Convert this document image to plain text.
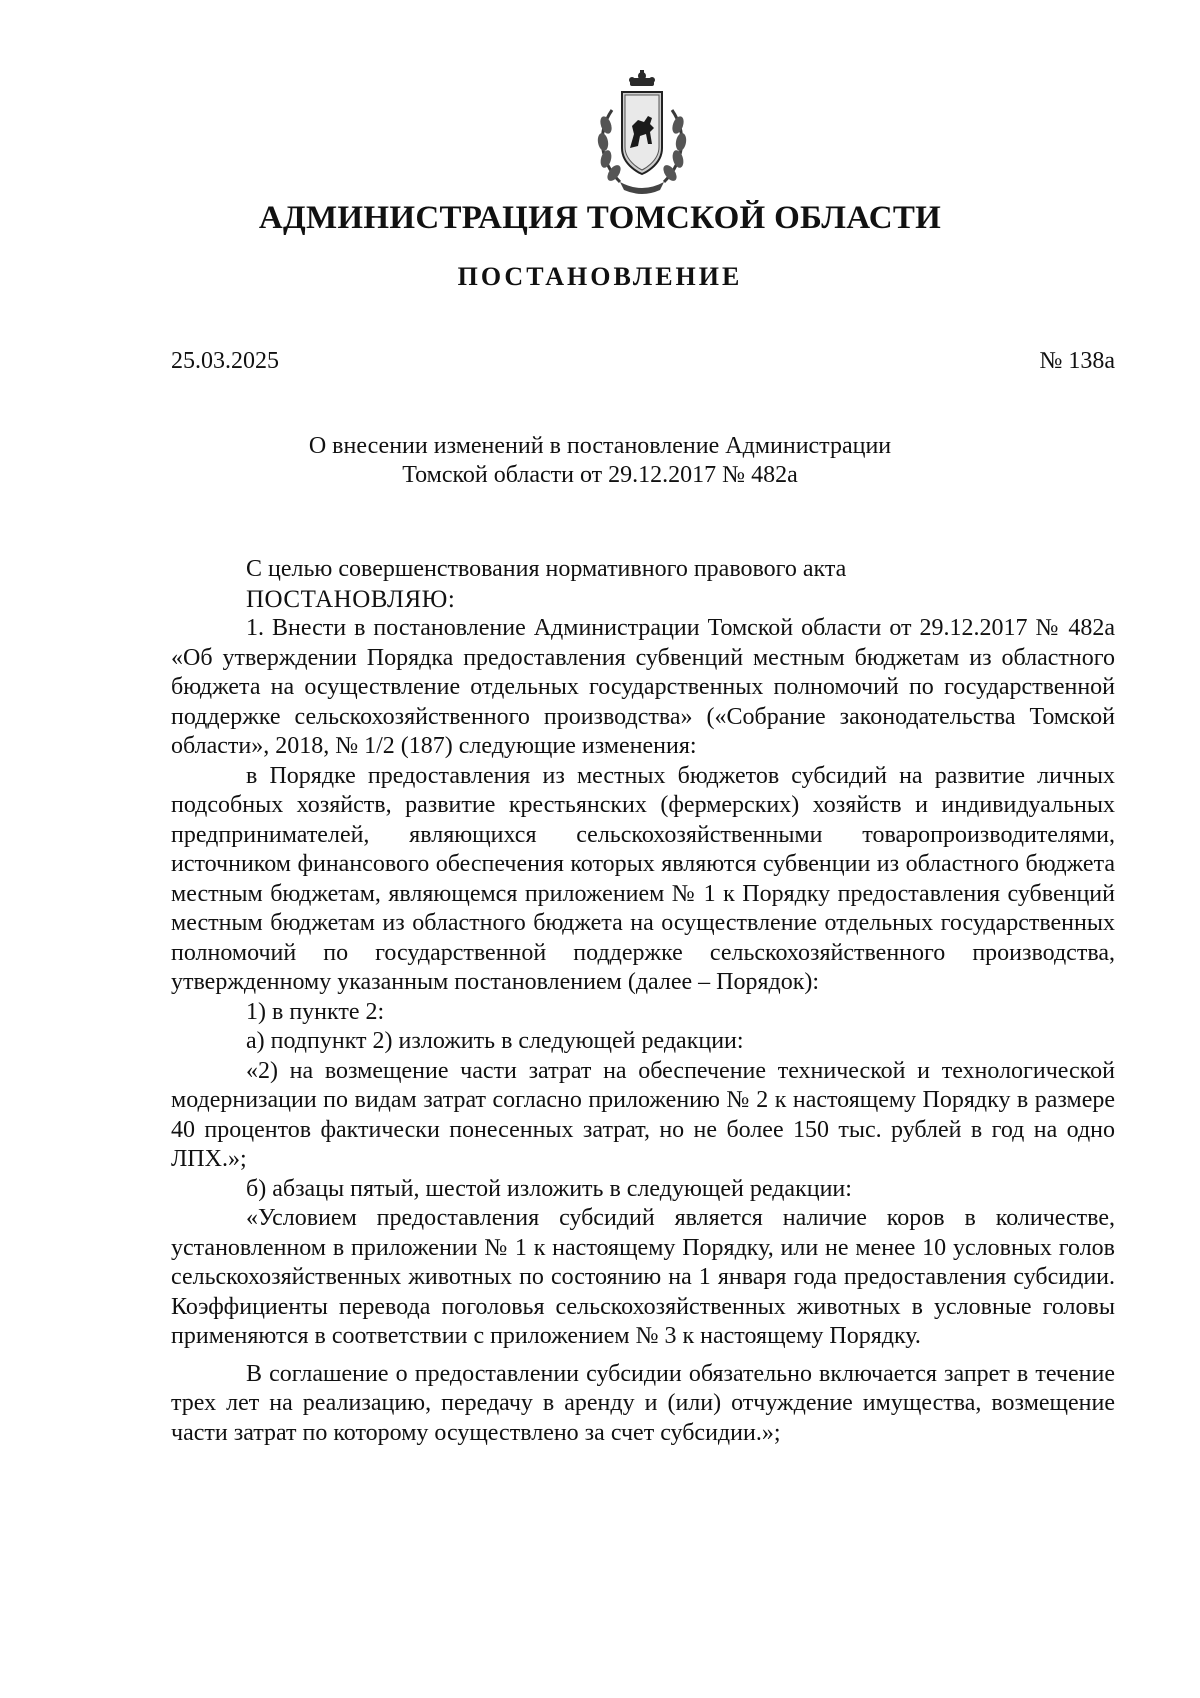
АДМИНИСТРАЦИЯ ТОМСКОЙ ОБЛАСТИ
ПОСТАНОВЛЕНИЕ
25.03.2025	№ 138а
О внесении изменений в постановление Администрации
Томской области от 29.12.2017 № 482а

С целью совершенствования нормативного правового акта

ПОСТАНОВЛЯЮ:

1. Внести в постановление Администрации Томской области от 29.12.2017 № 482а «Об утверждении Порядка предоставления субвенций местным бюджетам из областного бюджета на осуществление отдельных государственных полномочий по государственной поддержке сельскохозяйственного производства» («Собрание законодательства Томской области», 2018, № 1/2 (187) следующие изменения:

в Порядке предоставления из местных бюджетов субсидий на развитие личных подсобных хозяйств, развитие крестьянских (фермерских) хозяйств и индивидуальных предпринимателей, являющихся сельскохозяйственными товаропроизводителями, источником финансового обеспечения которых являются субвенции из областного бюджета местным бюджетам, являющемся приложением № 1 к Порядку предоставления субвенций местным бюджетам из областного бюджета на осуществление отдельных государственных полномочий по государственной поддержке сельскохозяйственного производства, утвержденному указанным постановлением (далее – Порядок):

1) в пункте 2:

а) подпункт 2) изложить в следующей редакции:

«2) на возмещение части затрат на обеспечение технической и технологической модернизации по видам затрат согласно приложению № 2 к настоящему Порядку в размере 40 процентов фактически понесенных затрат, но не более 150 тыс. рублей в год на одно ЛПХ.»;

б) абзацы пятый, шестой изложить в следующей редакции:

«Условием предоставления субсидий является наличие коров в количестве, установленном в приложении № 1 к настоящему Порядку, или не менее 10 условных голов сельскохозяйственных животных по состоянию на 1 января года предоставления субсидии. Коэффициенты перевода поголовья сельскохозяйственных животных в условные головы применяются в соответствии с приложением № 3 к настоящему Порядку.

В соглашение о предоставлении субсидии обязательно включается запрет в течение трех лет на реализацию, передачу в аренду и (или) отчуждение имущества, возмещение части затрат по которому осуществлено за счет субсидии.»;
